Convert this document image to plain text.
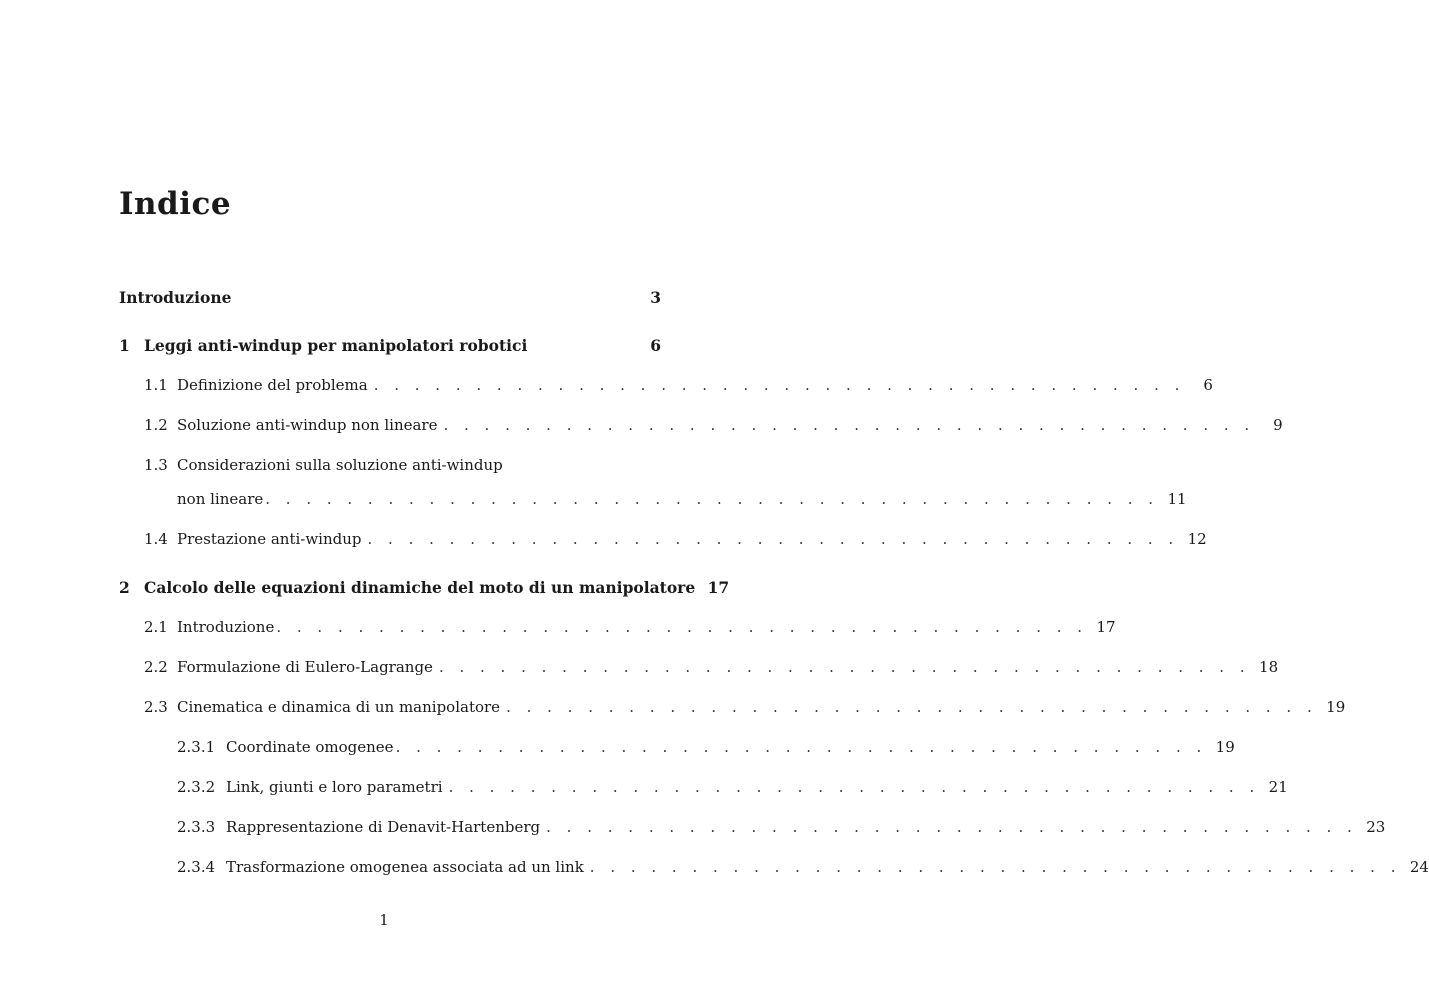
Indice
Introduzione	3
1 Leggi anti-windup per manipolatori robotici	6
1.1 Definizione del problema . . . . . . . . . . . . . . . . . . . . . . . . . . . . . . . . . . . . . . . .	6
1.2 Soluzione anti-windup non lineare . . . . . . . . . . . . . . . . . . . . . . . . . . . . . . . . . . . . . . . .	9
1.3 Considerazioni sulla soluzione anti-windup
non lineare . . . . . . . . . . . . . . . . . . . . . . . . . . . . . . . . . . . . . . . . . . . . 11
1.4 Prestazione anti-windup . . . . . . . . . . . . . . . . . . . . . . . . . . . . . . . . . . . . . . . . 12
2 Calcolo delle equazioni dinamiche del moto di un manipolatore 17
2.1 Introduzione . . . . . . . . . . . . . . . . . . . . . . . . . . . . . . . . . . . . . . . . 17
2.2 Formulazione di Eulero-Lagrange . . . . . . . . . . . . . . . . . . . . . . . . . . . . . . . . . . . . . . . . 18
2.3 Cinematica e dinamica di un manipolatore . . . . . . . . . . . . . . . . . . . . . . . . . . . . . . . . . . . . . . . . 19
2.3.1 Coordinate omogenee . . . . . . . . . . . . . . . . . . . . . . . . . . . . . . . . . . . . . . . . 19
2.3.2 Link, giunti e loro parametri . . . . . . . . . . . . . . . . . . . . . . . . . . . . . . . . . . . . . . . . 21
2.3.3 Rappresentazione di Denavit-Hartenberg . . . . . . . . . . . . . . . . . . . . . . . . . . . . . . . . . . . . . . . . 23
2.3.4 Trasformazione omogenea associata ad un link . . . . . . . . . . . . . . . . . . . . . . . . . . . . . . . . . . . . . . . . 24
1
